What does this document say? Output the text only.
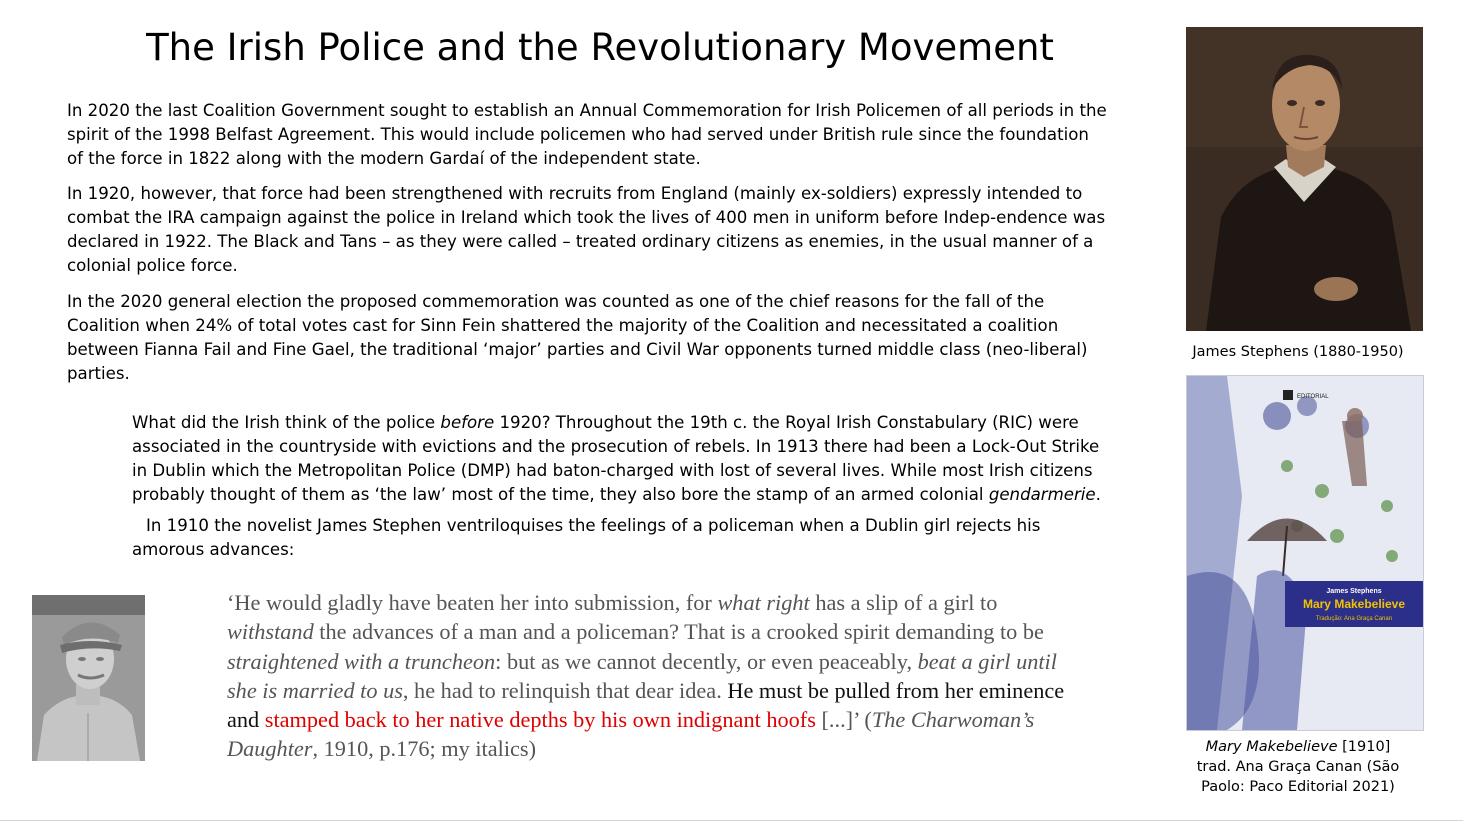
The Irish Police and the Revolutionary Movement

In 2020 the last Coalition Government sought to establish an Annual Commemoration for Irish Policemen of all periods in the spirit of the 1998 Belfast Agreement. This would include policemen who had served under British rule since the foundation of the force in 1822 along with the modern Gardaí of the independent state.

In 1920, however, that force had been strengthened with recruits from England (mainly ex-soldiers) expressly intended to combat the IRA campaign against the police in Ireland which took the lives of 400 men in uniform before Indep-endence was declared in 1922. The Black and Tans – as they were called – treated ordinary citizens as enemies, in the usual manner of a colonial police force.

In the 2020 general election the proposed commemoration was counted as one of the chief reasons for the fall of the Coalition when 24% of total votes cast for Sinn Fein shattered the majority of the Coalition and necessitated a coalition between Fianna Fail and Fine Gael, the traditional ‘major’ parties and Civil War opponents turned middle class (neo-liberal) parties.

What did the Irish think of the police before 1920? Throughout the 19th c. the Royal Irish Constabulary (RIC) were associated in the countryside with evictions and the prosecution of rebels. In 1913 there had been a Lock-Out Strike in Dublin which the Metropolitan Police (DMP) had baton-charged with lost of several lives. While most Irish citizens probably thought of them as ‘the law’ most of the time, they also bore the stamp of an armed colonial gendarmerie.

In 1910 the novelist James Stephen ventriloquises the feelings of a policeman when a Dublin girl rejects his amorous advances:

‘He would gladly have beaten her into submission, for what right has a slip of a girl to withstand the advances of a man and a policeman? That is a crooked spirit demanding to be straightened with a truncheon: but as we cannot decently, or even peaceably, beat a girl until she is married to us, he had to relinquish that dear idea. He must be pulled from her eminence and stamped back to her native depths by his own indignant hoofs [...]’ (The Charwoman’s Daughter, 1910, p.176; my italics)
James Stephens (1880-1950)
EDITORIAL
James Stephens
Mary Makebelieve
Tradução: Ana Graça Canan
Mary Makebelieve [1910]
trad. Ana Graça Canan (São
Paolo: Paco Editorial 2021)
